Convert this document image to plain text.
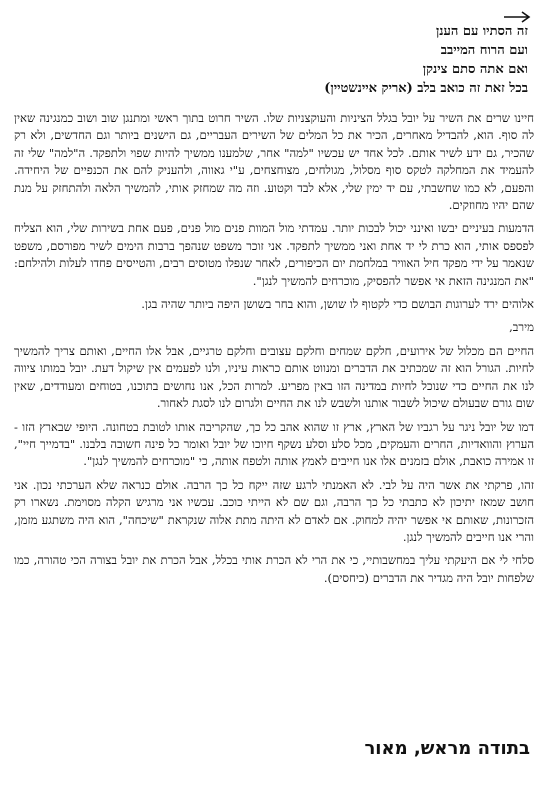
זה הסתיו עם הענן
ועם הרוח המייבב
ואם אתה סתם צינקן
בכל זאת זה כואב בלב (אריק איינשטיין)

חיינו שרים את השיר על יובל בגלל הציניות והעוקצניות שלו. השיר חרוט בתוך ראשי ומתנגן שוב ושוב כמנגינה שאין לה סוף. הוא, להבדיל מאחרים, הכיר את כל המלים של השירים העבריים, גם הישנים ביותר וגם החדשים, ולא רק שהכיר, גם ידע לשיר אותם. לכל אחד יש עכשיו "למה" אחר, שלמענו ממשיך להיות שפוי ולתפקד. ה"למה" שלי זה להעמיד את המחלקה לטקס סוף מסלול, מגולחים, מצוחצחים, ע"י גאווה, ולהעניק להם את הכנפיים של היחידה. והפעם, לא כמו שחשבתי, עם יד ימין שלי, אלא לבד וקטוע. וזה מה שמחזק אותי, להמשיך הלאה ולהתחזק על מנת שהם יהיו מחוזקים.

הדמעות בעיניים יבשו ואינני יכול לבכות יותר. עמדתי מול המוות פנים מול פנים, פעם אחת בשירות שלי, הוא הצליח לפספס אותי, הוא כרת לי יד אחת ואני ממשיך לתפקד. אני זוכר משפט שנהפך ברבות הימים לשיר מפורסם, משפט שנאמר על ידי מפקד חיל האוויר במלחמת יום הכיפורים, לאחר שנפלו מטוסים רבים, והטייסים פחדו לעלות ולהילחם: "את המנגינה הזאת אי אפשר להפסיק, מוכרחים להמשיך לנגן".

אלוהים ירד לערוגות הבושם כדי לקטוף לו שושן, והוא בחר בשושן היפה ביותר שהיה בגן.

מירב,

החיים הם מכלול של אירועים, חלקם שמחים וחלקם עצובים וחלקם טרגיים, אבל אלו החיים, ואותם צריך להמשיך לחיות. הגורל הוא זה שמכתיב את הדברים ומנווט אותם כראות עיניו, ולנו לפעמים אין שיקול דעת. יובל במותו ציווה לנו את החיים כדי שנוכל לחיות במדינה הזו באין מפריע. למרות הכל, אנו נחושים בתוכנו, בטוחים ומעודדים, שאין שום גורם שבעולם שיכול לשבור אותנו ולשבש לנו את החיים ולגרום לנו לסגת לאחור.

דמו של יובל ניגר על רגביו של הארץ, ארץ זו שהוא אהב כל כך, שהקריבה אותו לטובת בטחונה. היופי שבארץ הזו - הערוץ והוואדיות, החרים והעמקים, מכל סלע וסלע נשקף חיוכו של יובל ואומר כל פינה חשובה בלבנו. "בדמייך חיי", זו אמירה כואבת, אולם בזמנים אלו אנו חייבים לאמץ אותה ולטפח אותה, כי "מוכרחים להמשיך לנגן".

זהו, פרקתי את אשר היה על לבי. לא האמנתי לרגע שזה ייקח כל כך הרבה. אולם כנראה שלא הערכתי נכון. אני חושב שמאז יתיכון לא כתבתי כל כך הרבה, וגם שם לא הייתי כוכב. עכשיו אני מרגיש הקלה מסוימת. נשארו רק הזכרונות, שאותם אי אפשר יהיה למחוק. אם לאדם לא היתה מתת אלוה שנקראת "שיכחה", הוא היה משתגע מזמן, והרי אנו חייבים להמשיך לנגן.

סלחי לי אם היעקתי עליך במחשבותיי, כי את הרי לא הכרת אותי בכלל, אבל הכרת את יובל בצורה הכי טהורה, כמו שלפחות יובל היה מגדיר את הדברים (כיחסים).

בתודה מראש, מאור
